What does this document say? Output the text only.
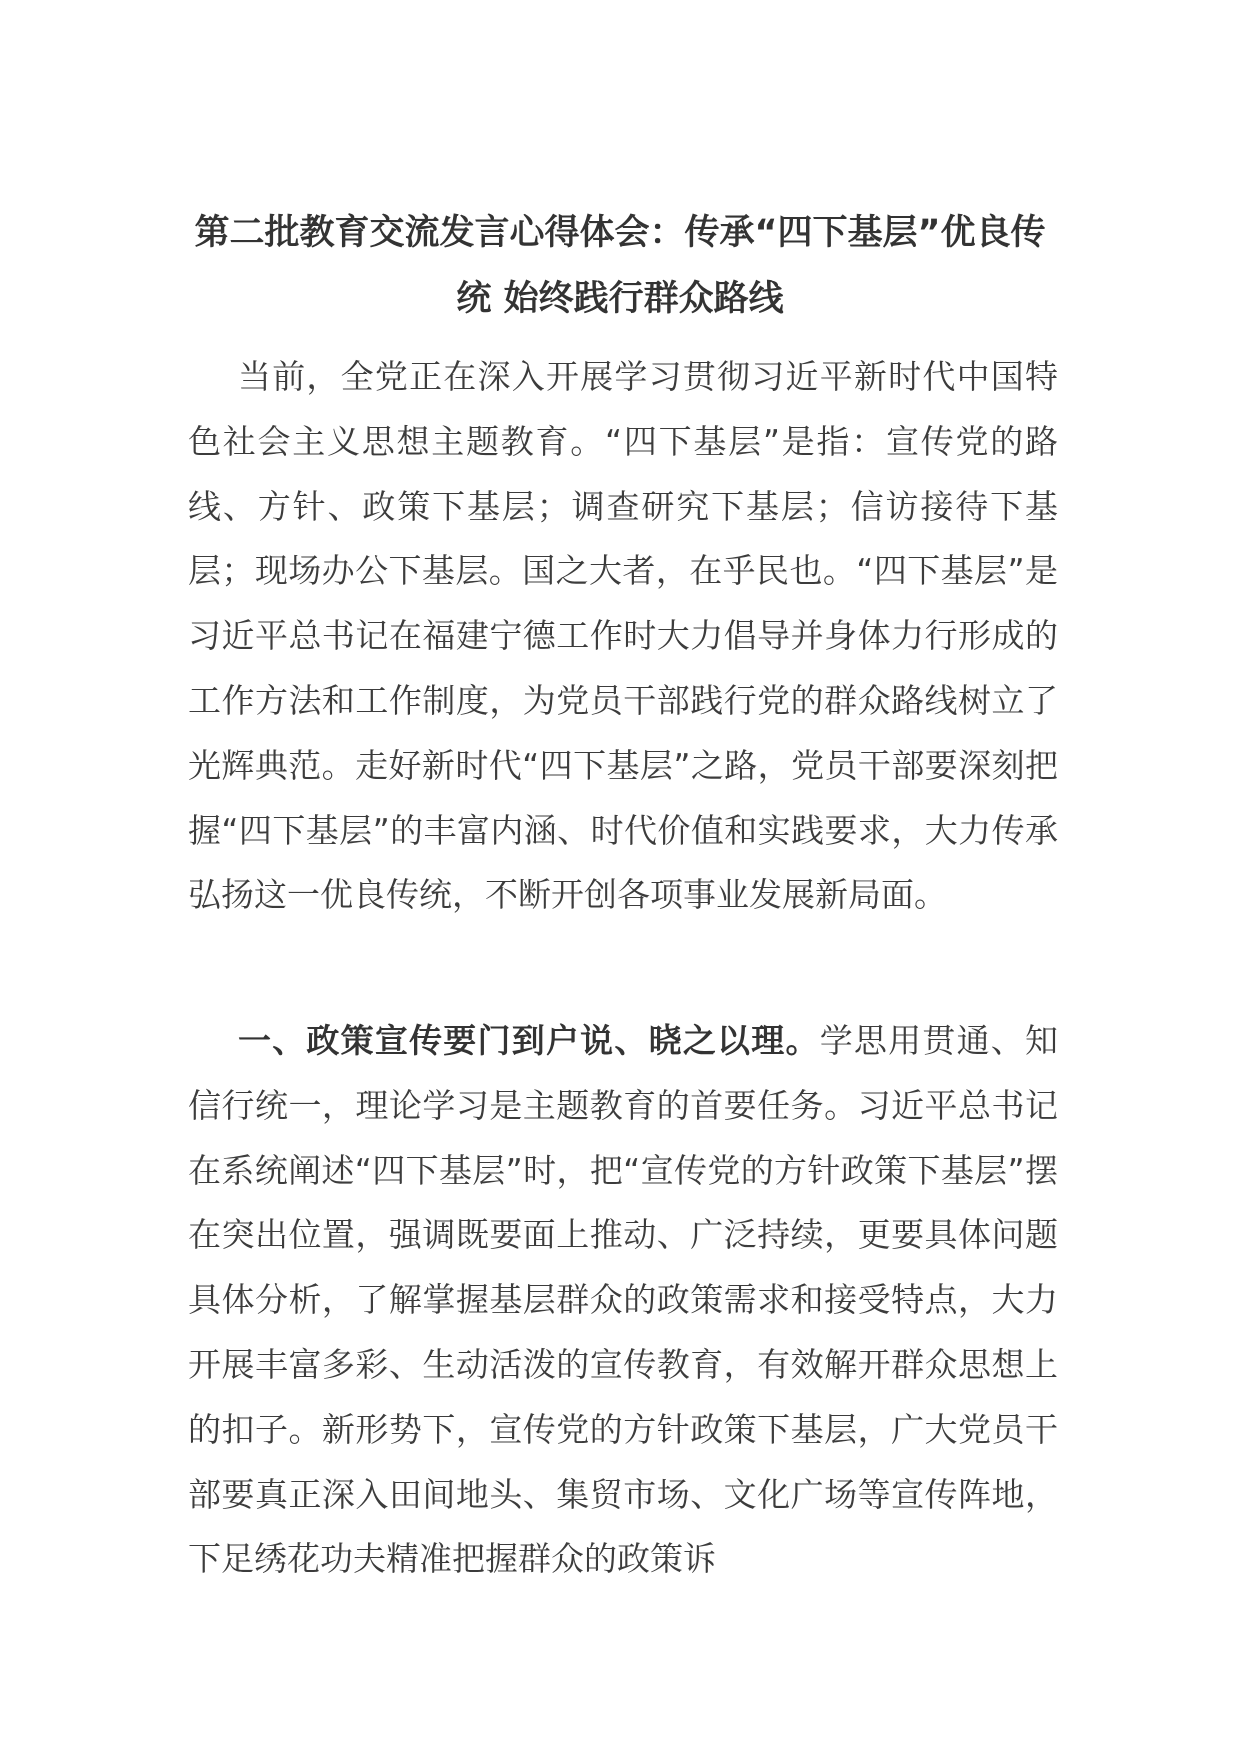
第二批教育交流发言心得体会：传承“四下基层”优良传统 始终践行群众路线

当前，全党正在深入开展学习贯彻习近平新时代中国特色社会主义思想主题教育。“四下基层”是指：宣传党的路线、方针、政策下基层；调查研究下基层；信访接待下基层；现场办公下基层。国之大者，在乎民也。“四下基层”是习近平总书记在福建宁德工作时大力倡导并身体力行形成的工作方法和工作制度，为党员干部践行党的群众路线树立了光辉典范。走好新时代“四下基层”之路，党员干部要深刻把握“四下基层”的丰富内涵、时代价值和实践要求，大力传承弘扬这一优良传统，不断开创各项事业发展新局面。

一、政策宣传要门到户说、晓之以理。学思用贯通、知信行统一，理论学习是主题教育的首要任务。习近平总书记在系统阐述“四下基层”时，把“宣传党的方针政策下基层”摆在突出位置，强调既要面上推动、广泛持续，更要具体问题具体分析，了解掌握基层群众的政策需求和接受特点，大力开展丰富多彩、生动活泼的宣传教育，有效解开群众思想上的扣子。新形势下，宣传党的方针政策下基层，广大党员干部要真正深入田间地头、集贸市场、文化广场等宣传阵地，下足绣花功夫精准把握群众的政策诉
